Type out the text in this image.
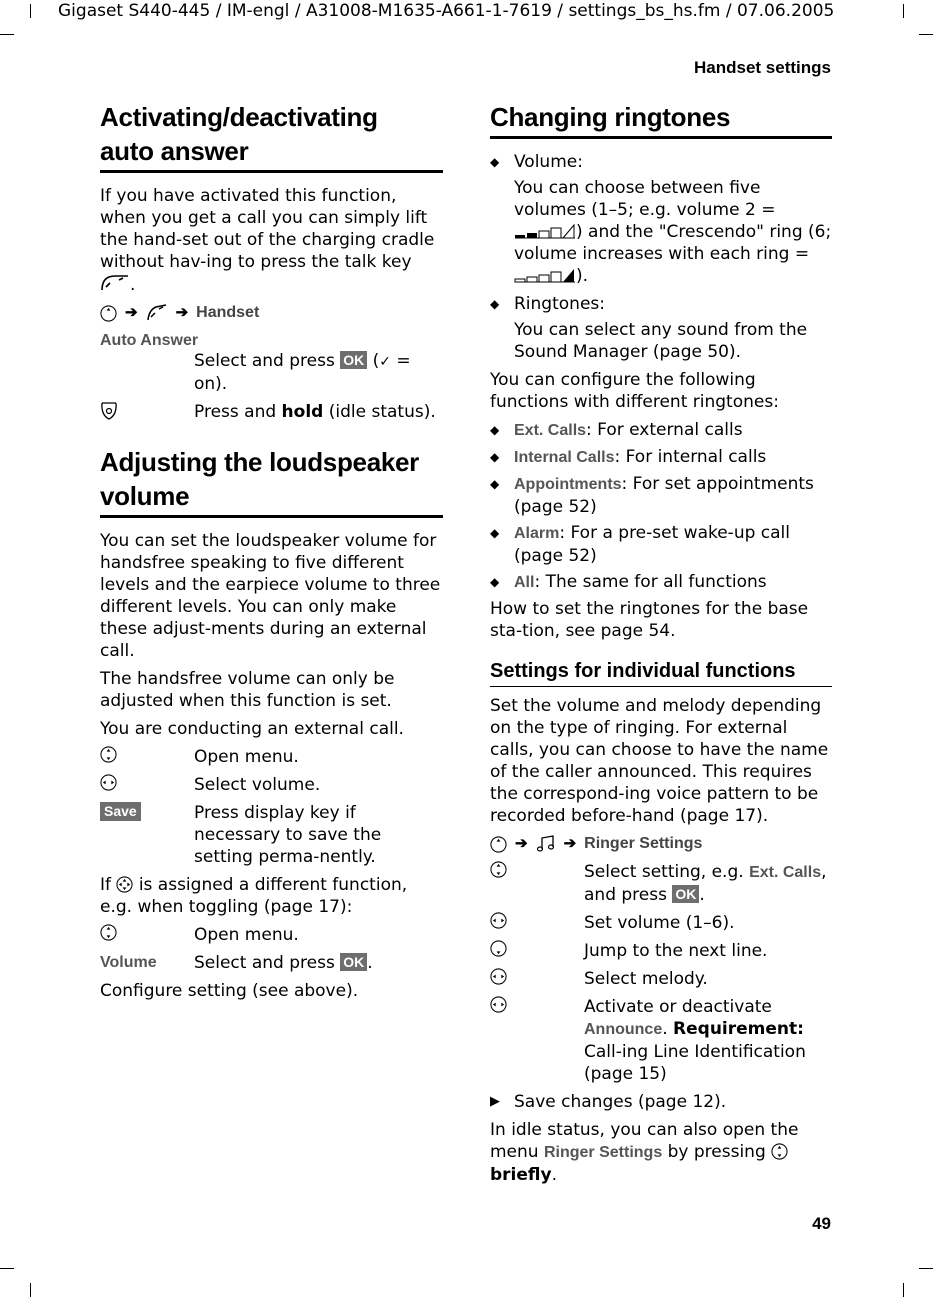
Gigaset S440-445 / IM-engl / A31008-M1635-A661-1-7619 / settings_bs_hs.fm / 07.06.2005
Handset settings
49
Activating/deactivating
auto answer

If you have activated this function, when you get a call you can simply lift the hand-set out of the charging cradle without hav-ing to press the talk key .

➔	➔ Handset
Auto Answer
Select and press OK (✓ = on).
Press and hold (idle status).
Adjusting the loudspeaker
volume

You can set the loudspeaker volume for handsfree speaking to five different levels and the earpiece volume to three different levels. You can only make these adjust-ments during an external call.

The handsfree volume can only be adjusted when this function is set.

You are conducting an external call.

Open menu.
Select volume.
Save	Press display key if necessary to save the setting perma-nently.

If is assigned a different function, e.g. when toggling (page 17):

Open menu.
Volume Select and press OK .

Configure setting (see above).

Changing ringtones
◆ Volume:
You can choose between five volumes (1–5; e.g. volume 2 = ) and the "Crescendo" ring (6; volume increases with each ring = ).
◆ Ringtones:
You can select any sound from the Sound Manager (page 50).

You can configure the following functions with different ringtones:

◆ Ext. Calls: For external calls
◆ Internal Calls: For internal calls
◆ Appointments: For set appointments (page 52)
◆ Alarm: For a pre-set wake-up call (page 52)
◆ All: The same for all functions

How to set the ringtones for the base sta-tion, see page 54.

Settings for individual functions

Set the volume and melody depending on the type of ringing. For external calls, you can choose to have the name of the caller announced. This requires the correspond-ing voice pattern to be recorded before-hand (page 17).

➔ ➔ Ringer Settings
Select setting, e.g. Ext. Calls, and press OK .
Set volume (1–6).
Jump to the next line.
Select melody.
Activate or deactivate Announce. Requirement: Call-ing Line Identification (page 15)
▶ Save changes (page 12).

In idle status, you can also open the menu Ringer Settings by pressing  briefly.
